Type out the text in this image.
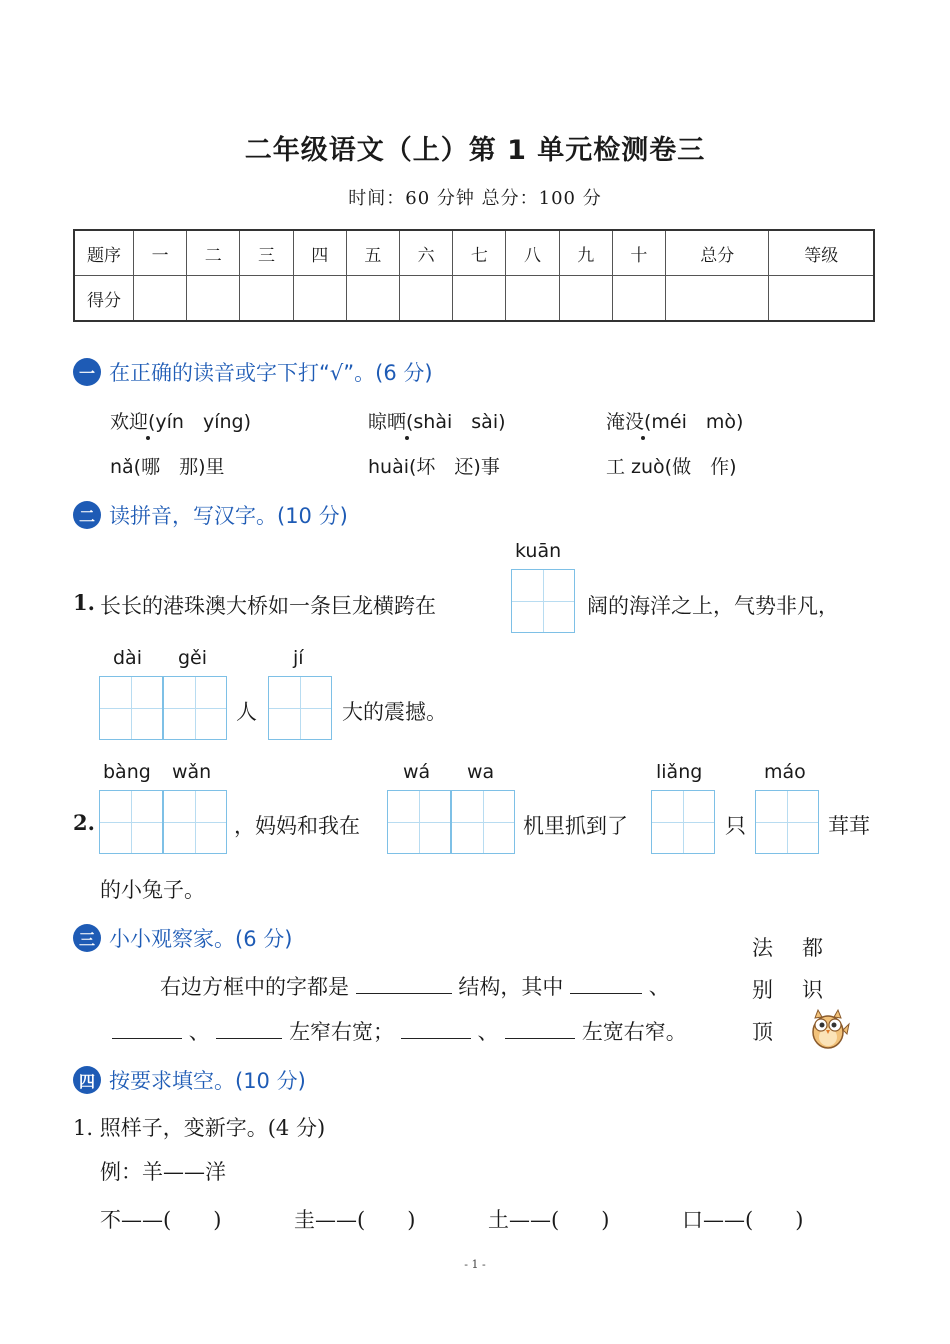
二年级语文（上）第 1 单元检测卷三
时间：60 分钟 总分：100 分
题序	一	二	三	四	五	六	七	八	九	十	总分	等级
得分												
一 在正确的读音或字下打“√”。(6 分)
欢迎(yín　yíng)	晾晒(shài　sài)	淹没(méi　mò)
nǎ(哪　那)里	huài(坏　还)事	工 zuò(做　作)
二 读拼音，写汉字。(10 分)
kuān
1. 长长的港珠澳大桥如一条巨龙横跨在	阔的海洋之上，气势非凡，
dài gěi	jí
人	大的震撼。
bàng wǎn	wá wa	liǎng	máo
2.	，妈妈和我在	机里抓到了	只	茸茸
的小兔子。
三 小小观察家。(6 分)
右边方框中的字都是	结构，其中	、
、	左窄右宽；	、	左宽右窄。
法 都
别 识
顶
四 按要求填空。(10 分)
1. 照样子，变新字。(4 分)
例：羊——洋
不——(　　)	圭——(　　)	土——(　　)	口——(　　)
- 1 -
